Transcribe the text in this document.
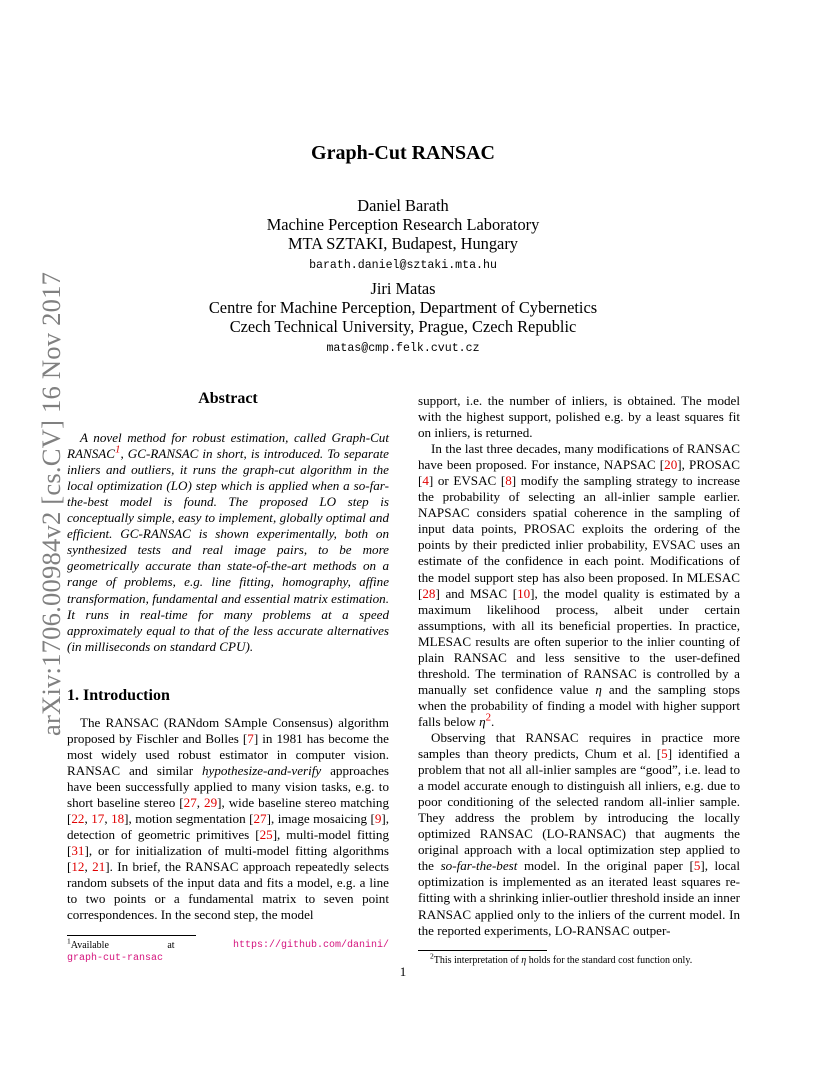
arXiv:1706.00984v2 [cs.CV] 16 Nov 2017
Graph-Cut RANSAC
Daniel Barath
Machine Perception Research Laboratory
MTA SZTAKI, Budapest, Hungary
barath.daniel@sztaki.mta.hu
Jiri Matas
Centre for Machine Perception, Department of Cybernetics
Czech Technical University, Prague, Czech Republic
matas@cmp.felk.cvut.cz
Abstract

A novel method for robust estimation, called Graph-Cut RANSAC$^1$, GC-RANSAC in short, is introduced. To separate inliers and outliers, it runs the graph-cut algorithm in the local optimization (LO) step which is applied when a so-far-the-best model is found. The proposed LO step is conceptually simple, easy to implement, globally optimal and efficient. GC-RANSAC is shown experimentally, both on synthesized tests and real image pairs, to be more geometrically accurate than state-of-the-art methods on a range of problems, e.g. line fitting, homography, affine transformation, fundamental and essential matrix estimation. It runs in real-time for many problems at a speed approximately equal to that of the less accurate alternatives (in milliseconds on standard CPU).

1. Introduction

The RANSAC (RANdom SAmple Consensus) algorithm proposed by Fischler and Bolles [7] in 1981 has become the most widely used robust estimator in computer vision. RANSAC and similar hypothesize-and-verify approaches have been successfully applied to many vision tasks, e.g. to short baseline stereo [27, 29], wide baseline stereo matching [22, 17, 18], motion segmentation [27], image mosaicing [9], detection of geometric primitives [25], multi-model fitting [31], or for initialization of multi-model fitting algorithms [12, 21]. In brief, the RANSAC approach repeatedly selects random subsets of the input data and fits a model, e.g. a line to two points or a fundamental matrix to seven point correspondences. In the second step, the model

$^1$Available	at	https://github.com/danini/
graph-cut-ransac

support, i.e. the number of inliers, is obtained. The model with the highest support, polished e.g. by a least squares fit on inliers, is returned.

In the last three decades, many modifications of RANSAC have been proposed. For instance, NAPSAC [20], PROSAC [4] or EVSAC [8] modify the sampling strategy to increase the probability of selecting an all-inlier sample earlier. NAPSAC considers spatial coherence in the sampling of input data points, PROSAC exploits the ordering of the points by their predicted inlier probability, EVSAC uses an estimate of the confidence in each point. Modifications of the model support step has also been proposed. In MLESAC [28] and MSAC [10], the model quality is estimated by a maximum likelihood process, albeit under certain assumptions, with all its beneficial properties. In practice, MLESAC results are often superior to the inlier counting of plain RANSAC and less sensitive to the user-defined threshold. The termination of RANSAC is controlled by a manually set confidence value η and the sampling stops when the probability of finding a model with higher support falls below η$^2$.

Observing that RANSAC requires in practice more samples than theory predicts, Chum et al. [5] identified a problem that not all all-inlier samples are “good”, i.e. lead to a model accurate enough to distinguish all inliers, e.g. due to poor conditioning of the selected random all-inlier sample. They address the problem by introducing the locally optimized RANSAC (LO-RANSAC) that augments the original approach with a local optimization step applied to the so-far-the-best model. In the original paper [5], local optimization is implemented as an iterated least squares re-fitting with a shrinking inlier-outlier threshold inside an inner RANSAC applied only to the inliers of the current model. In the reported experiments, LO-RANSAC outper-

$^2$This interpretation of η holds for the standard cost function only.
1
